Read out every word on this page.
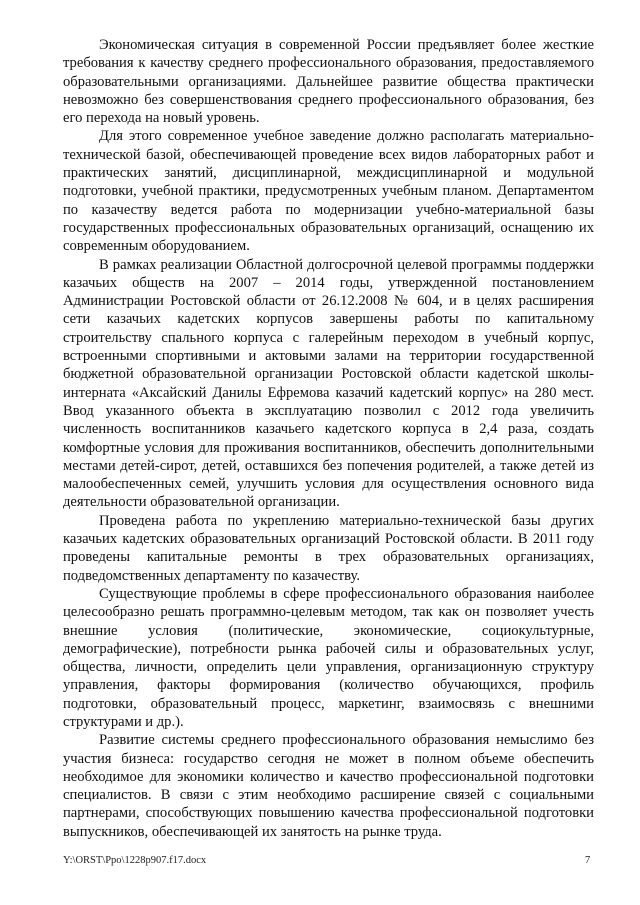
Экономическая ситуация в современной России предъявляет более жесткие требования к качеству среднего профессионального образования, предоставляемого образовательными организациями. Дальнейшее развитие общества практически невозможно без совершенствования среднего профессионального образования, без его перехода на новый уровень.

Для этого современное учебное заведение должно располагать материально-технической базой, обеспечивающей проведение всех видов лабораторных работ и практических занятий, дисциплинарной, междисциплинарной и модульной подготовки, учебной практики, предусмотренных учебным планом. Департаментом по казачеству ведется работа по модернизации учебно-материальной базы государственных профессиональных образовательных организаций, оснащению их современным оборудованием.

В рамках реализации Областной долгосрочной целевой программы поддержки казачьих обществ на 2007 – 2014 годы, утвержденной постановлением Администрации Ростовской области от 26.12.2008 № 604, и в целях расширения сети казачьих кадетских корпусов завершены работы по капитальному строительству спального корпуса с галерейным переходом в учебный корпус, встроенными спортивными и актовыми залами на территории государственной бюджетной образовательной организации Ростовской области кадетской школы-интерната «Аксайский Данилы Ефремова казачий кадетский корпус» на 280 мест. Ввод указанного объекта в эксплуатацию позволил с 2012 года увеличить численность воспитанников казачьего кадетского корпуса в 2,4 раза, создать комфортные условия для проживания воспитанников, обеспечить дополнительными местами детей-сирот, детей, оставшихся без попечения родителей, а также детей из малообеспеченных семей, улучшить условия для осуществления основного вида деятельности образовательной организации.

Проведена работа по укреплению материально-технической базы других казачьих кадетских образовательных организаций Ростовской области. В 2011 году проведены капитальные ремонты в трех образовательных организациях, подведомственных департаменту по казачеству.

Существующие проблемы в сфере профессионального образования наиболее целесообразно решать программно-целевым методом, так как он позволяет учесть внешние условия (политические, экономические, социокультурные, демографические), потребности рынка рабочей силы и образовательных услуг, общества, личности, определить цели управления, организационную структуру управления, факторы формирования (количество обучающихся, профиль подготовки, образовательный процесс, маркетинг, взаимосвязь с внешними структурами и др.).

Развитие системы среднего профессионального образования немыслимо без участия бизнеса: государство сегодня не может в полном объеме обеспечить необходимое для экономики количество и качество профессиональной подготовки специалистов. В связи с этим необходимо расширение связей с социальными партнерами, способствующих повышению качества профессиональной подготовки выпускников, обеспечивающей их занятость на рынке труда.

Y:\ORST\Ppo\1228p907.f17.docx	7
